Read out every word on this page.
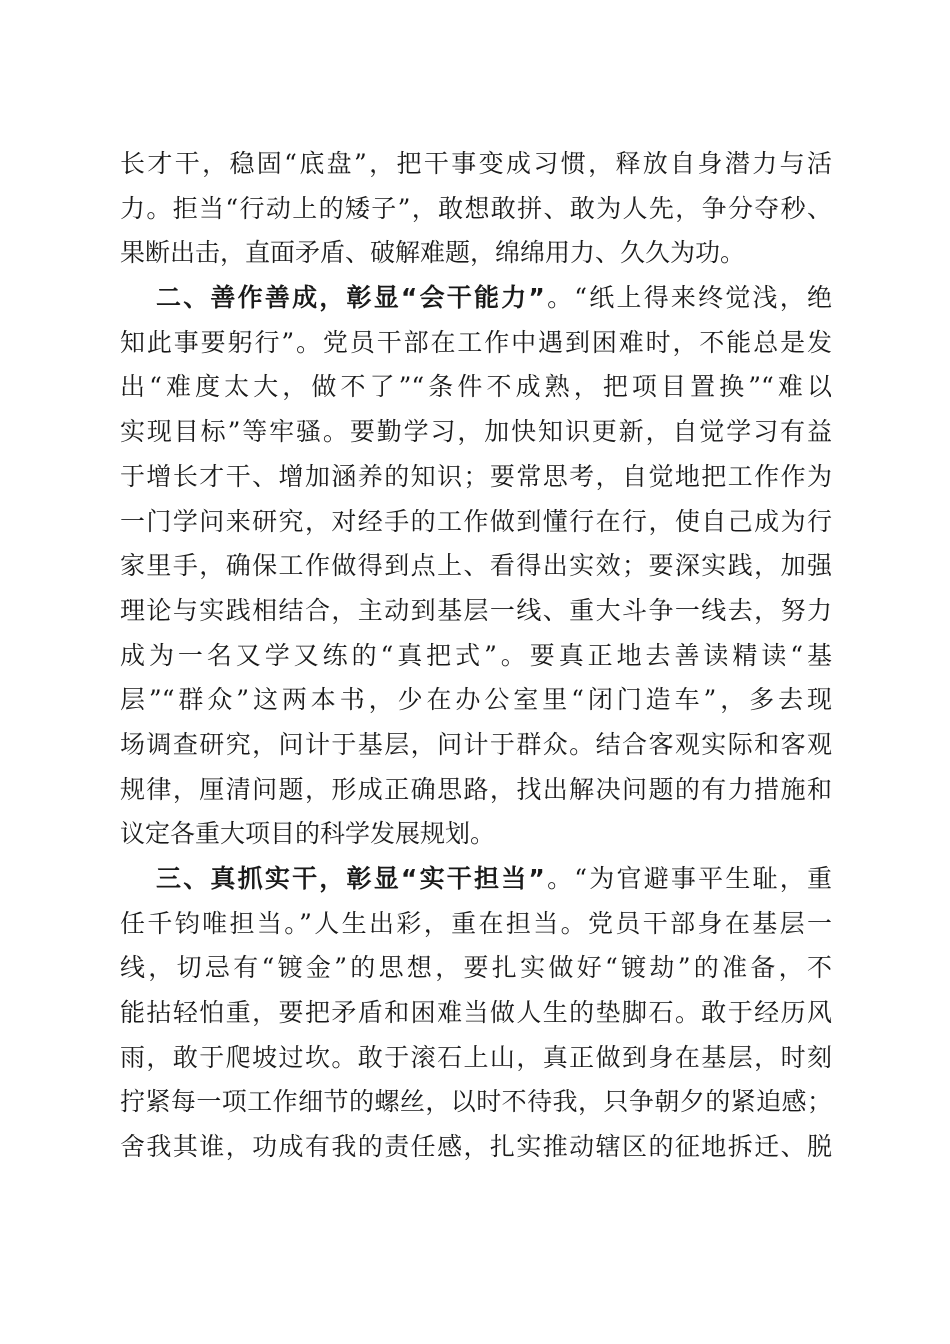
长才干，稳固“底盘”，把干事变成习惯，释放自身潜力与活
力。拒当“行动上的矮子”，敢想敢拼、敢为人先，争分夺秒、
果断出击，直面矛盾、破解难题，绵绵用力、久久为功。
二、善作善成，彰显“会干能力”。“纸上得来终觉浅，绝
知此事要躬行”。党员干部在工作中遇到困难时，不能总是发
出“难度太大，做不了”“条件不成熟，把项目置换”“难以
实现目标”等牢骚。要勤学习，加快知识更新，自觉学习有益
于增长才干、增加涵养的知识；要常思考，自觉地把工作作为
一门学问来研究，对经手的工作做到懂行在行，使自己成为行
家里手，确保工作做得到点上、看得出实效；要深实践，加强
理论与实践相结合，主动到基层一线、重大斗争一线去，努力
成为一名又学又练的“真把式”。要真正地去善读精读“基
层”“群众”这两本书，少在办公室里“闭门造车”，多去现
场调查研究，问计于基层，问计于群众。结合客观实际和客观
规律，厘清问题，形成正确思路，找出解决问题的有力措施和
议定各重大项目的科学发展规划。
三、真抓实干，彰显“实干担当”。“为官避事平生耻，重
任千钧唯担当。”人生出彩，重在担当。党员干部身在基层一
线，切忌有“镀金”的思想，要扎实做好“镀劫”的准备，不
能拈轻怕重，要把矛盾和困难当做人生的垫脚石。敢于经历风
雨，敢于爬坡过坎。敢于滚石上山，真正做到身在基层，时刻
拧紧每一项工作细节的螺丝，以时不待我，只争朝夕的紧迫感；
舍我其谁，功成有我的责任感，扎实推动辖区的征地拆迁、脱
